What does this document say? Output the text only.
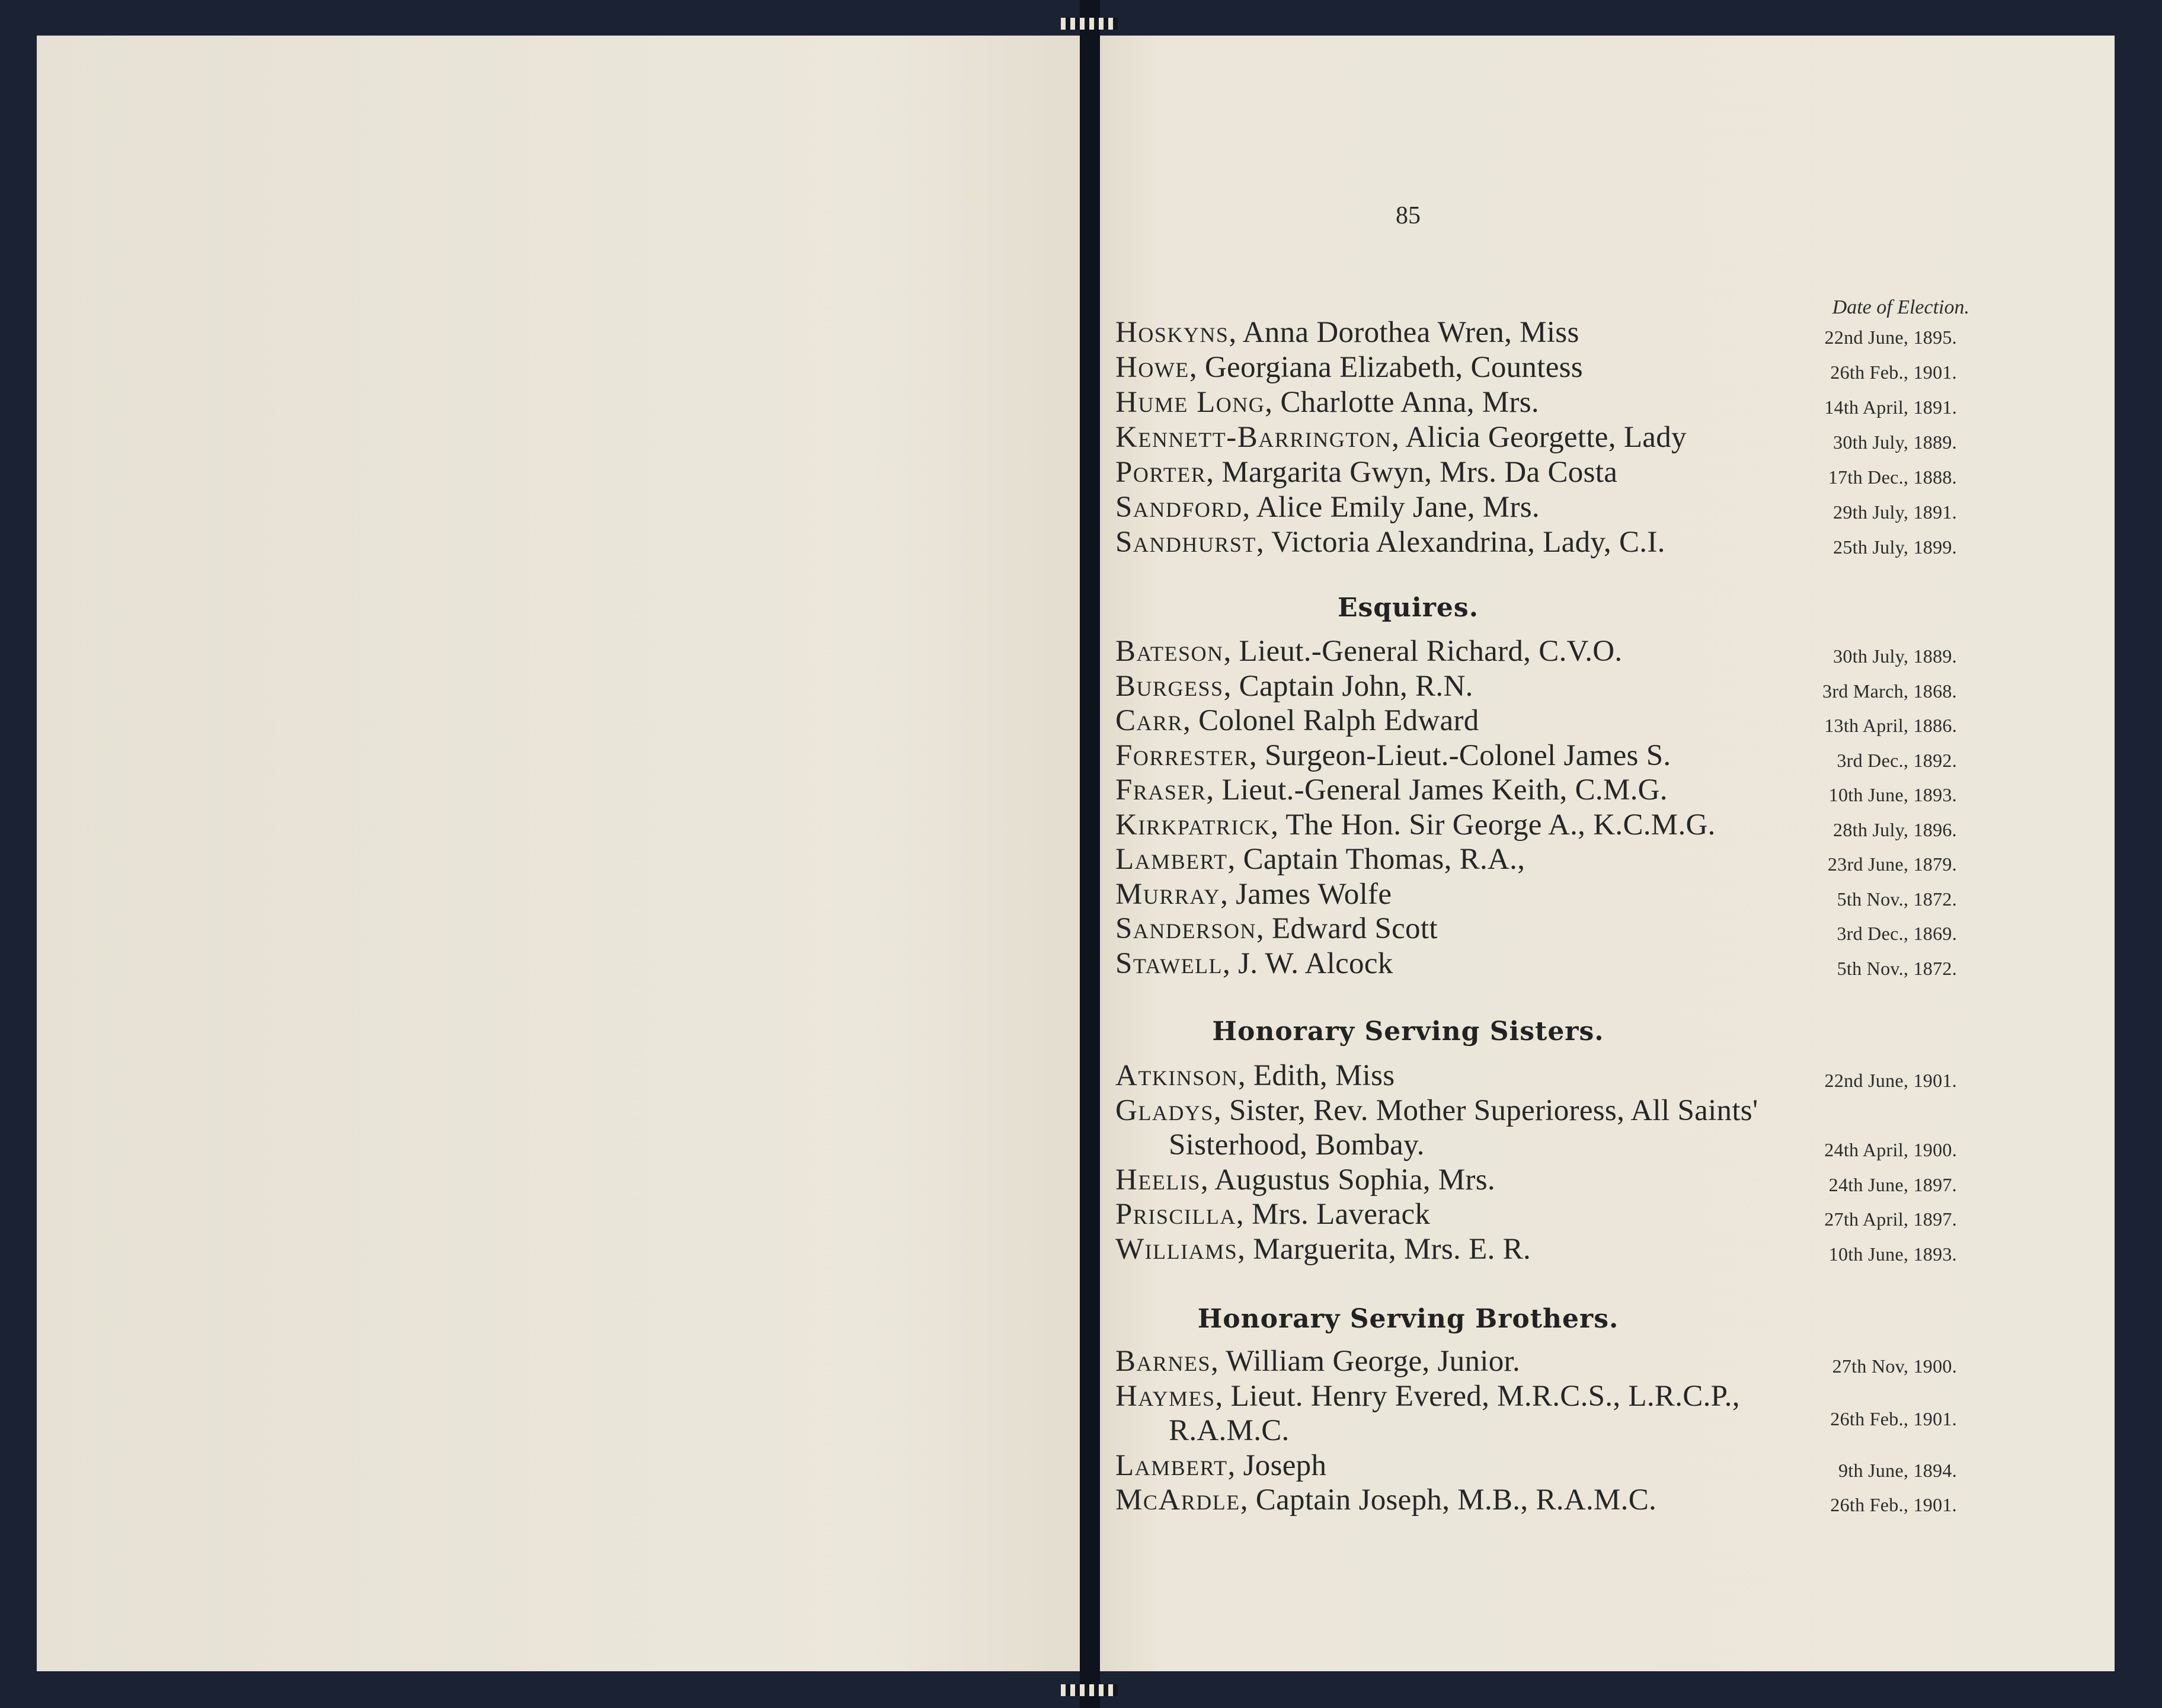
85
Date of Election.
Hoskyns, Anna Dorothea Wren, Miss	22nd June, 1895.
Howe, Georgiana Elizabeth, Countess	26th Feb., 1901.
Hume Long, Charlotte Anna, Mrs.	14th April, 1891.
Kennett-Barrington, Alicia Georgette, Lady	30th July, 1889.
Porter, Margarita Gwyn, Mrs. Da Costa	17th Dec., 1888.
Sandford, Alice Emily Jane, Mrs.	29th July, 1891.
Sandhurst, Victoria Alexandrina, Lady, C.I.	25th July, 1899.
Bateson, Lieut.-General Richard, C.V.O.	30th July, 1889.
Burgess, Captain John, R.N.	3rd March, 1868.
Carr, Colonel Ralph Edward	13th April, 1886.
Forrester, Surgeon-Lieut.-Colonel James S.	3rd Dec., 1892.
Fraser, Lieut.-General James Keith, C.M.G.	10th June, 1893.
Kirkpatrick, The Hon. Sir George A., K.C.M.G.	28th July, 1896.
Lambert, Captain Thomas, R.A.,	23rd June, 1879.
Murray, James Wolfe	5th Nov., 1872.
Sanderson, Edward Scott	3rd Dec., 1869.
Stawell, J. W. Alcock	5th Nov., 1872.
Atkinson, Edith, Miss	22nd June, 1901.
Gladys, Sister, Rev. Mother Superioress, All Saints'
Sisterhood, Bombay.	24th April, 1900.
Heelis, Augustus Sophia, Mrs.	24th June, 1897.
Priscilla, Mrs. Laverack	27th April, 1897.
Williams, Marguerita, Mrs. E. R.	10th June, 1893.
Barnes, William George, Junior.	27th Nov, 1900.
Haymes, Lieut. Henry Evered, M.R.C.S., L.R.C.P.,
R.A.M.C.	26th Feb., 1901.
Lambert, Joseph	9th June, 1894.
McArdle, Captain Joseph, M.B., R.A.M.C.	26th Feb., 1901.
Esquires.
Honorary Serving Sisters.
Honorary Serving Brothers.
